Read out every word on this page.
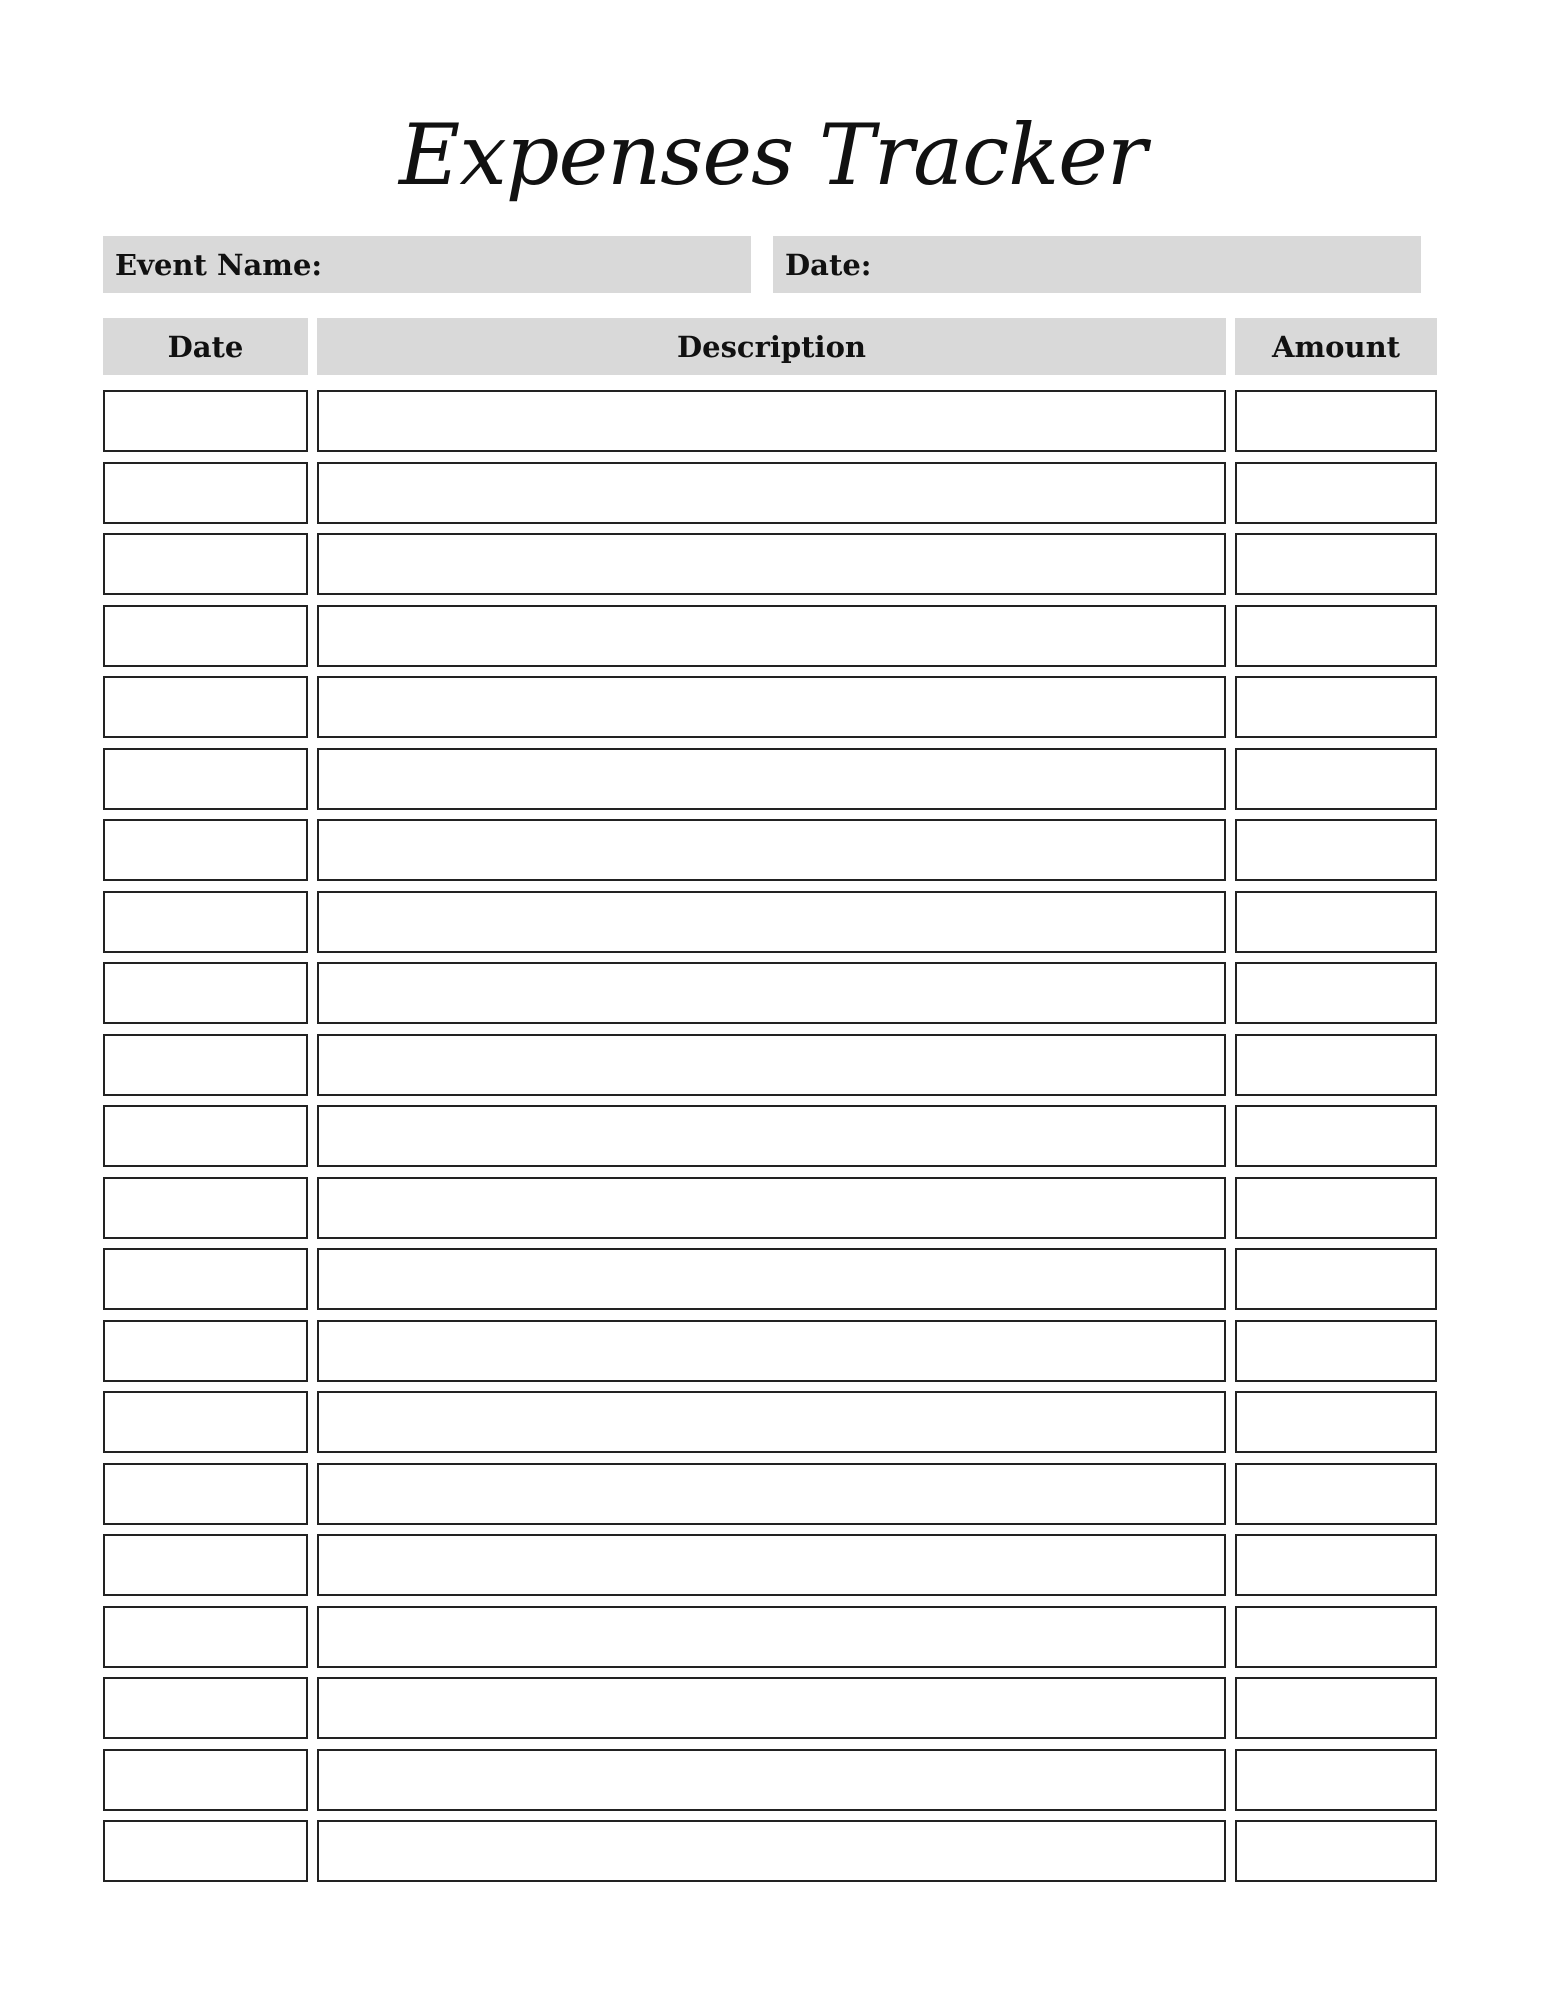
Expenses Tracker
Event Name:	Date:
Date	Description	Amount
